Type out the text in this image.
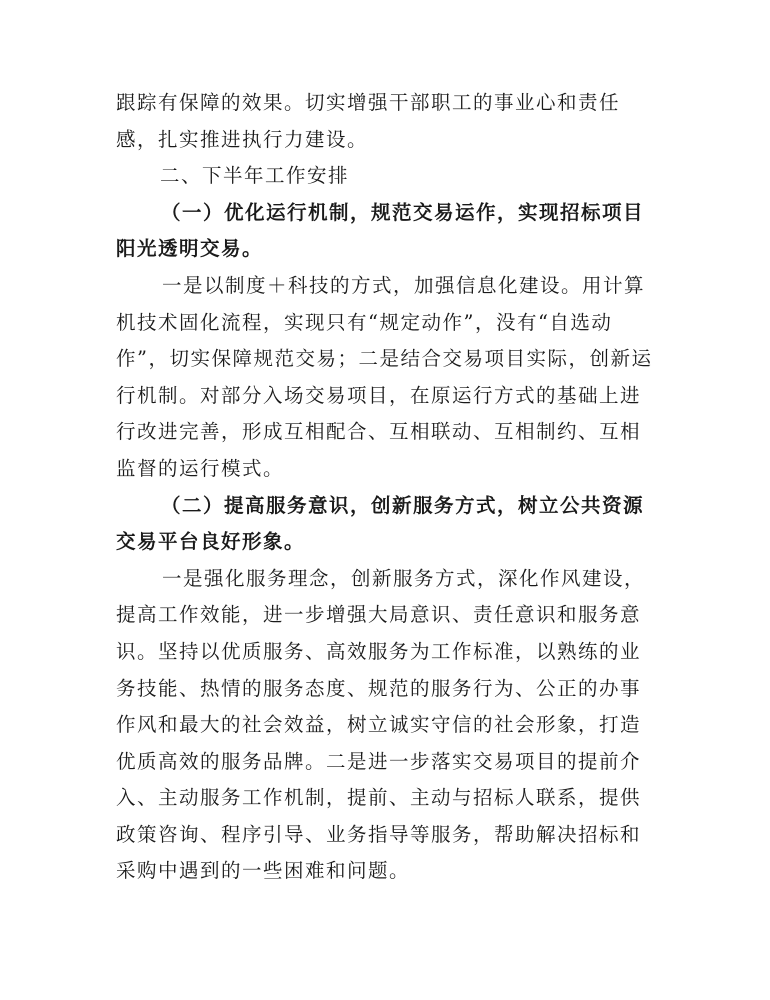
跟踪有保障的效果。切实增强干部职工的事业心和责任
感，扎实推进执行力建设。
二、下半年工作安排
（一）优化运行机制，规范交易运作，实现招标项目
阳光透明交易。
一是以制度＋科技的方式，加强信息化建设。用计算
机技术固化流程，实现只有“规定动作”，没有“自选动
作”，切实保障规范交易；二是结合交易项目实际，创新运
行机制。对部分入场交易项目，在原运行方式的基础上进
行改进完善，形成互相配合、互相联动、互相制约、互相
监督的运行模式。
（二）提高服务意识，创新服务方式，树立公共资源
交易平台良好形象。
一是强化服务理念，创新服务方式，深化作风建设，
提高工作效能，进一步增强大局意识、责任意识和服务意
识。坚持以优质服务、高效服务为工作标准，以熟练的业
务技能、热情的服务态度、规范的服务行为、公正的办事
作风和最大的社会效益，树立诚实守信的社会形象，打造
优质高效的服务品牌。二是进一步落实交易项目的提前介
入、主动服务工作机制，提前、主动与招标人联系，提供
政策咨询、程序引导、业务指导等服务，帮助解决招标和
采购中遇到的一些困难和问题。
